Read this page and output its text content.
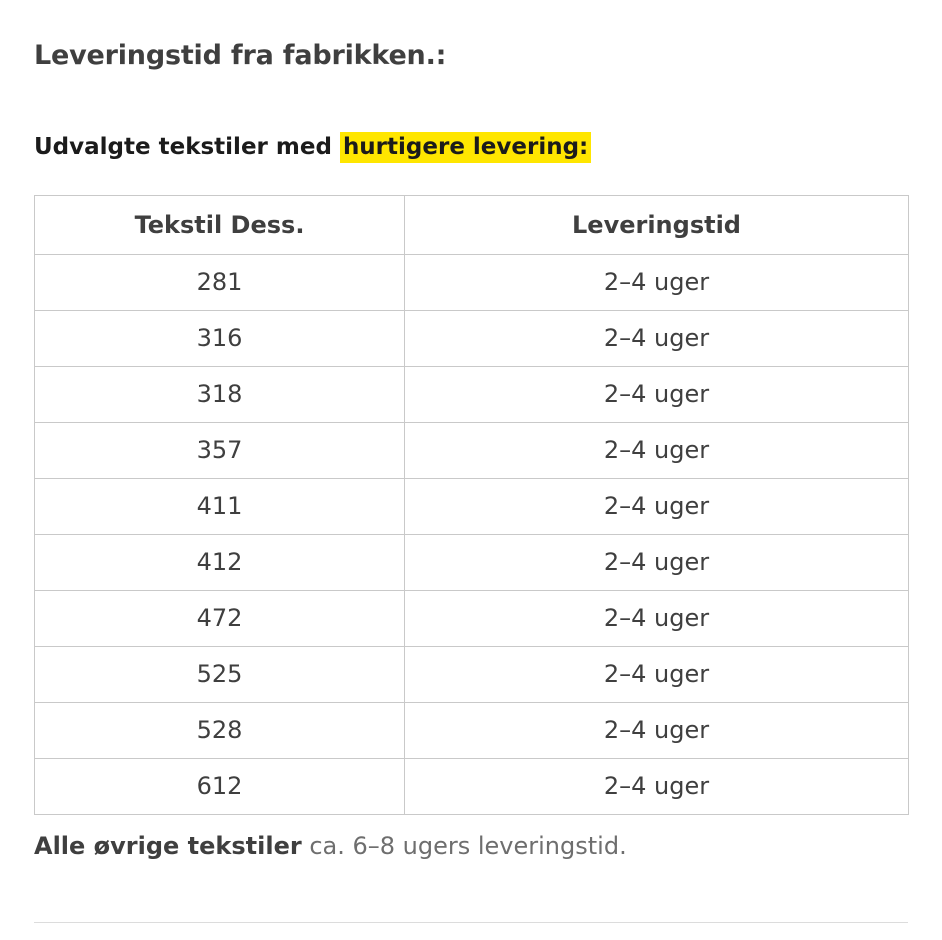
Leveringstid fra fabrikken.:
Udvalgte tekstiler med hurtigere levering:
Tekstil Dess.	Leveringstid
281	2–4 uger
316	2–4 uger
318	2–4 uger
357	2–4 uger
411	2–4 uger
412	2–4 uger
472	2–4 uger
525	2–4 uger
528	2–4 uger
612	2–4 uger
Alle øvrige tekstiler ca. 6–8 ugers leveringstid.
